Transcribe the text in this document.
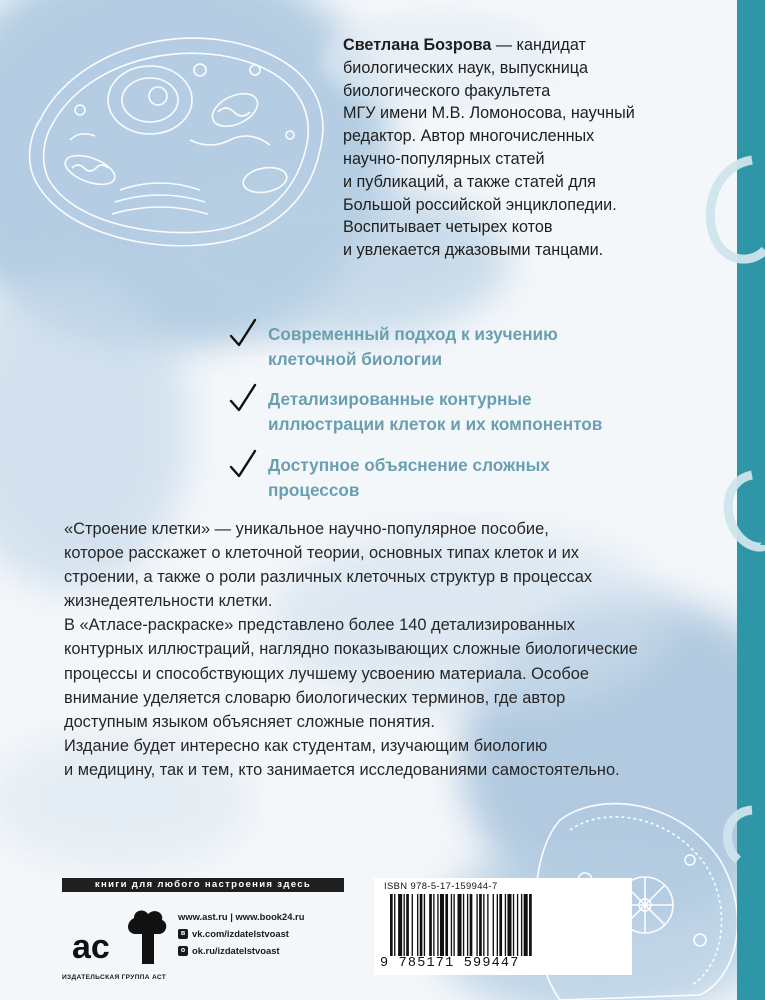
Светлана Бозрова — кандидат
биологических наук, выпускница
биологического факультета
МГУ имени М.В. Ломоносова, научный
редактор. Автор многочисленных
научно-популярных статей
и публикаций, а также статей для
Большой российской энциклопедии.
Воспитывает четырех котов
и увлекается джазовыми танцами.
Современный подход к изучению
клеточной биологии
Детализированные контурные
иллюстрации клеток и их компонентов
Доступное объяснение сложных
процессов
«Строение клетки» — уникальное научно-популярное пособие,
которое расскажет о клеточной теории, основных типах клеток и их
строении, а также о роли различных клеточных структур в процессах
жизнедеятельности клетки.
В «Атласе-раскраске» представлено более 140 детализированных
контурных иллюстраций, наглядно показывающих сложные биологические
процессы и способствующих лучшему усвоению материала. Особое
внимание уделяется словарю биологических терминов, где автор
доступным языком объясняет сложные понятия.
Издание будет интересно как студентам, изучающим биологию
и медицину, так и тем, кто занимается исследованиями самостоятельно.
книги для любого настроения здесь
ac
ИЗДАТЕЛЬСКАЯ ГРУППА АСТ
www.ast.ru | www.book24.ru
в vk.com/izdatelstvoast
о ok.ru/izdatelstvoast
ISBN 978-5-17-159944-7
9 785171 599447
